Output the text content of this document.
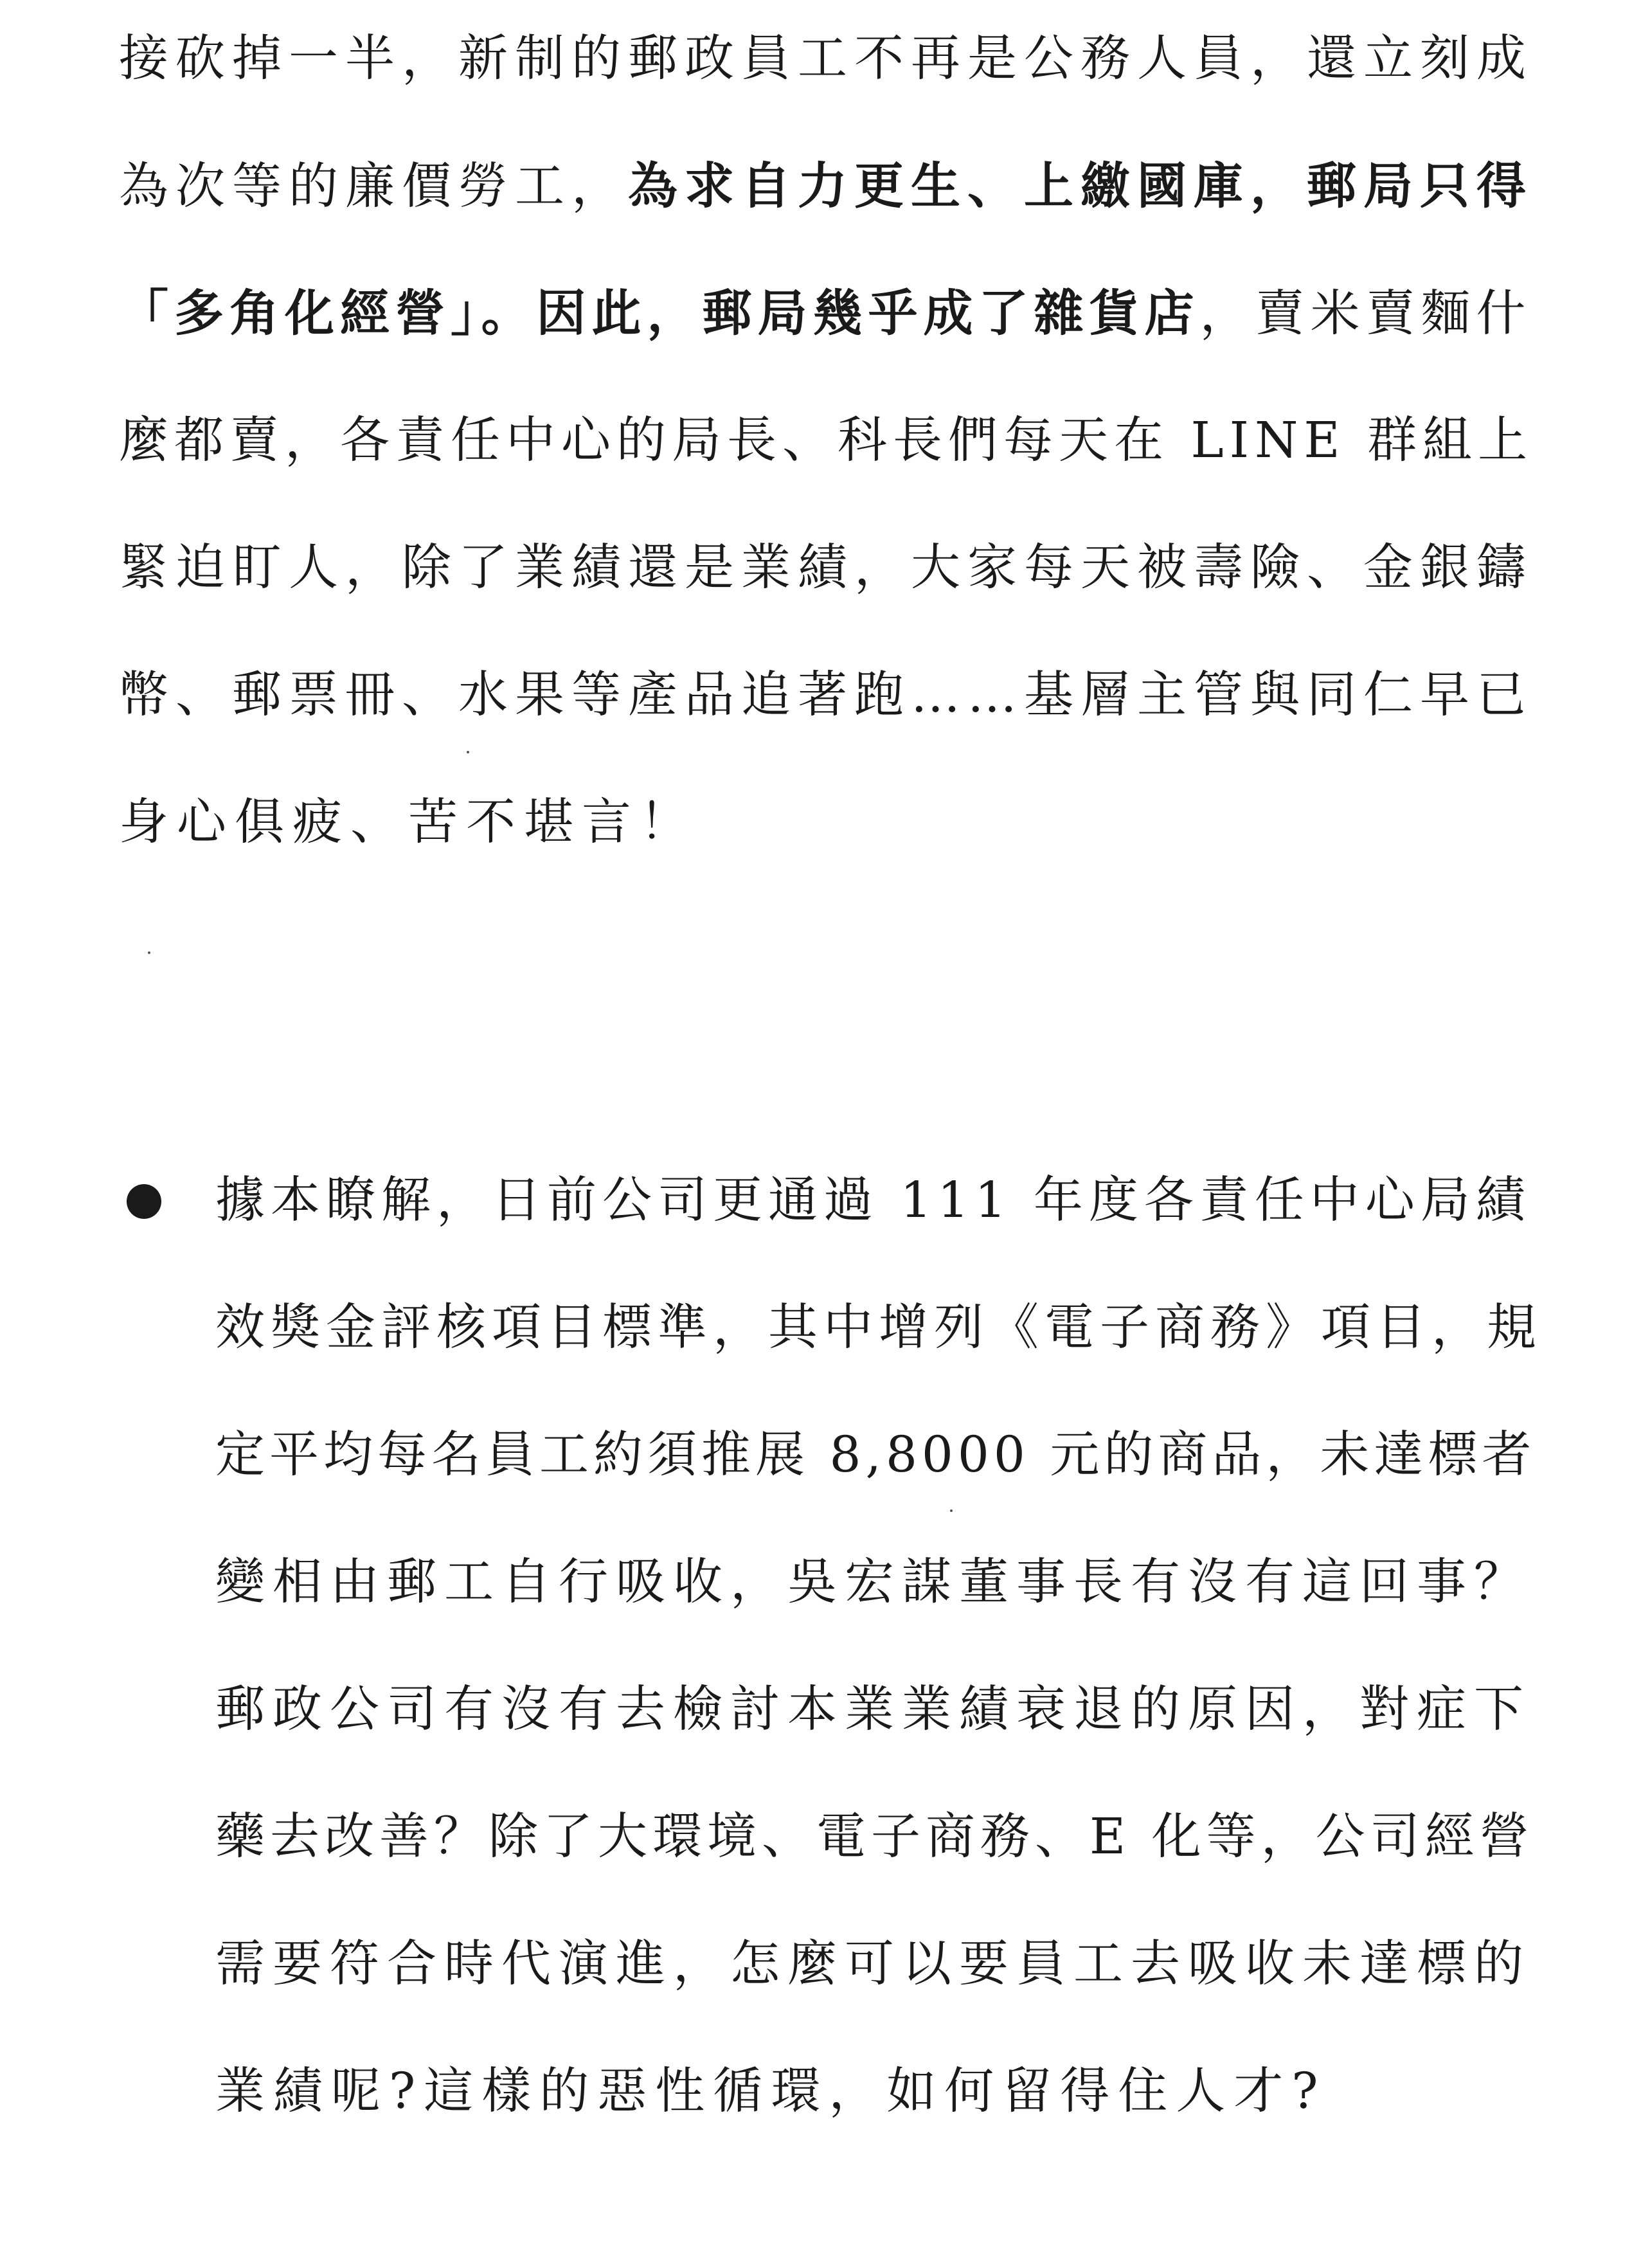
接砍掉一半，新制的郵政員工不再是公務人員，還立刻成
為次等的廉價勞工，為求自力更生、上繳國庫，郵局只得
「多角化經營」。因此，郵局幾乎成了雜貨店，賣米賣麵什
麼都賣，各責任中心的局長、科長們每天在 LINE 群組上
緊迫盯人，除了業績還是業績，大家每天被壽險、金銀鑄
幣、郵票冊、水果等產品追著跑……基層主管與同仁早已
身心俱疲、苦不堪言！
據本瞭解，日前公司更通過 111 年度各責任中心局績
效獎金評核項目標準，其中增列《電子商務》項目，規
定平均每名員工約須推展 8,8000 元的商品，未達標者
變相由郵工自行吸收，吳宏謀董事長有沒有這回事？
郵政公司有沒有去檢討本業業績衰退的原因，對症下
藥去改善？除了大環境、電子商務、E 化等，公司經營
需要符合時代演進，怎麼可以要員工去吸收未達標的
業績呢?這樣的惡性循環，如何留得住人才?
